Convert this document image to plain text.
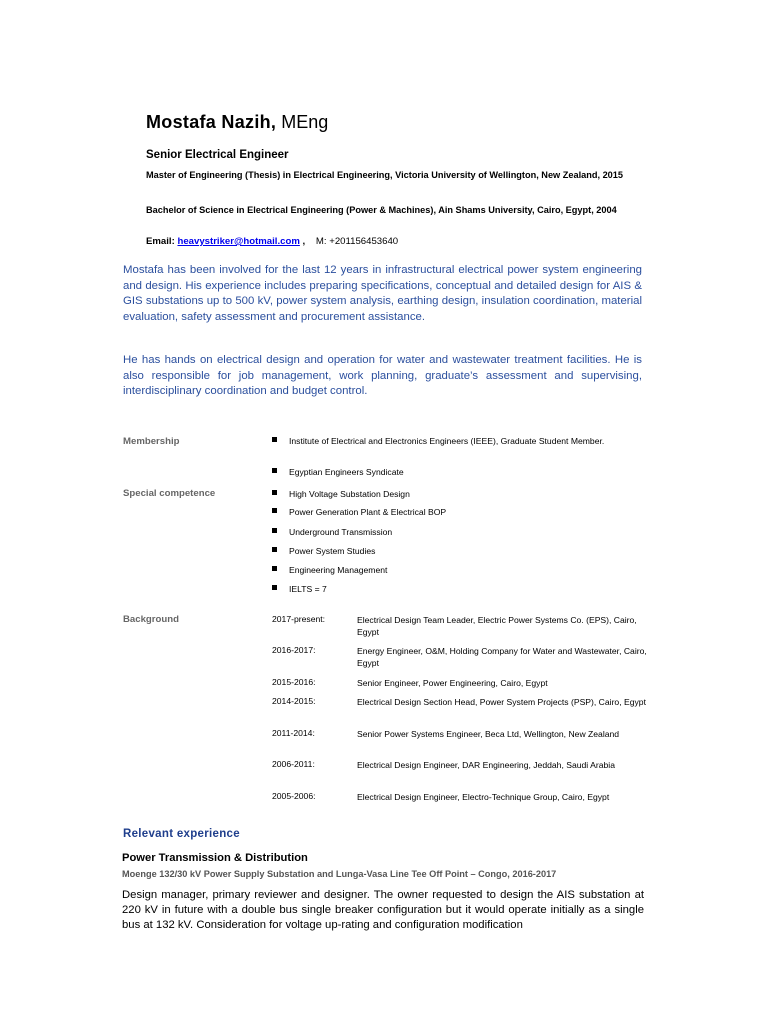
Mostafa Nazih, MEng
Senior Electrical Engineer
Master of Engineering (Thesis) in Electrical Engineering, Victoria University of Wellington, New Zealand, 2015
Bachelor of Science in Electrical Engineering (Power & Machines), Ain Shams University, Cairo, Egypt, 2004
Email: heavystriker@hotmail.com , M: +201156453640
Mostafa has been involved for the last 12 years in infrastructural electrical power system engineering and design. His experience includes preparing specifications, conceptual and detailed design for AIS & GIS substations up to 500 kV, power system analysis, earthing design, insulation coordination, material evaluation, safety assessment and procurement assistance.
He has hands on electrical design and operation for water and wastewater treatment facilities. He is also responsible for job management, work planning, graduate’s assessment and supervising, interdisciplinary coordination and budget control.
Membership	Institute of Electrical and Electronics Engineers (IEEE), Graduate Student Member.
Egyptian Engineers Syndicate
Special competence	High Voltage Substation Design
Power Generation Plant & Electrical BOP
Underground Transmission
Power System Studies
Engineering Management
IELTS = 7
Background	2017-present:	Electrical Design Team Leader, Electric Power Systems Co. (EPS), Cairo, Egypt
2016-2017:	Energy Engineer, O&M, Holding Company for Water and Wastewater, Cairo, Egypt
2015-2016:	Senior Engineer, Power Engineering, Cairo, Egypt
2014-2015:	Electrical Design Section Head, Power System Projects (PSP), Cairo, Egypt
2011-2014:	Senior Power Systems Engineer, Beca Ltd, Wellington, New Zealand
2006-2011:	Electrical Design Engineer, DAR Engineering, Jeddah, Saudi Arabia
2005-2006:	Electrical Design Engineer, Electro-Technique Group, Cairo, Egypt
Relevant experience
Power Transmission & Distribution
Moenge 132/30 kV Power Supply Substation and Lunga-Vasa Line Tee Off Point – Congo, 2016-2017
Design manager, primary reviewer and designer. The owner requested to design the AIS substation at 220 kV in future with a double bus single breaker configuration but it would operate initially as a single bus at 132 kV. Consideration for voltage up-rating and configuration modification
